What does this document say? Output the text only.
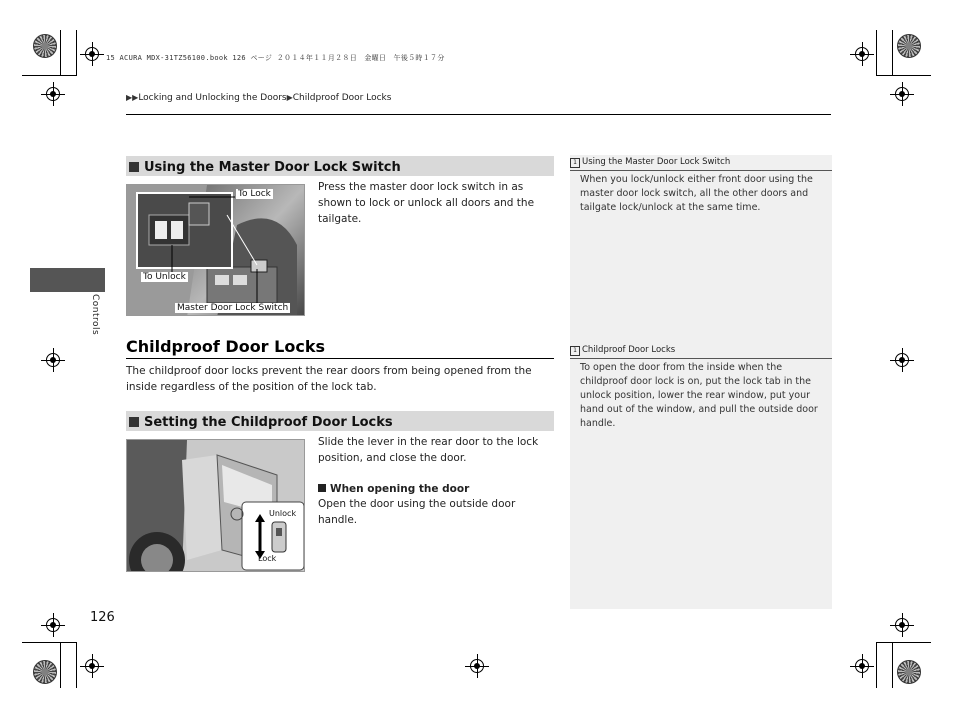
15 ACURA MDX-31TZ56100.book 126 ページ ２０１４年１１月２８日　金曜日　午後５時１７分
▶▶Locking and Unlocking the Doors▶Childproof Door Locks
Controls
Using the Master Door Lock Switch
To Lock
To Unlock
Master Door Lock Switch
Press the master door lock switch in as shown to lock or unlock all doors and the tailgate.
Childproof Door Locks
The childproof door locks prevent the rear doors from being opened from the inside regardless of the position of the lock tab.
Setting the Childproof Door Locks
Unlock
Lock
Slide the lever in the rear door to the lock position, and close the door.
When opening the door
Open the door using the outside door handle.
1 Using the Master Door Lock Switch
When you lock/unlock either front door using the master door lock switch, all the other doors and tailgate lock/unlock at the same time.
1 Childproof Door Locks
To open the door from the inside when the childproof door lock is on, put the lock tab in the unlock position, lower the rear window, put your hand out of the window, and pull the outside door handle.
126
